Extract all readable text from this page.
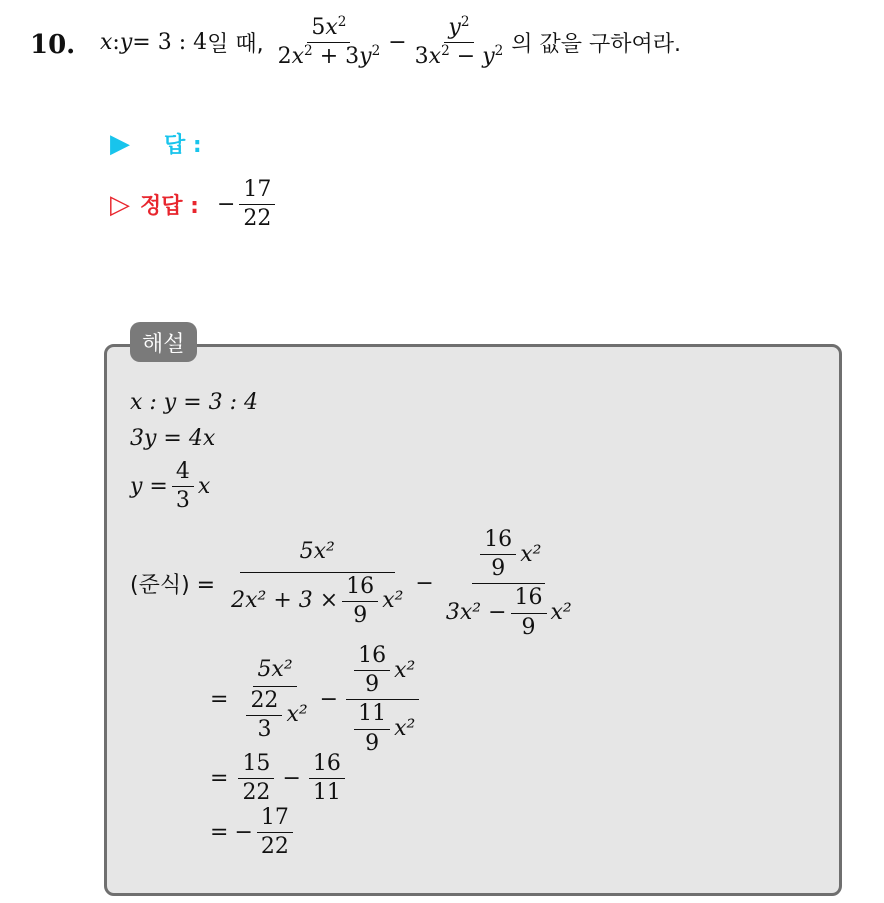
10. x : y = 3 : 4 일 때, $\frac{5x^2}{2x^2 + 3y^2} - \frac{y^2}{3x^2 - y^2}$ 의 값을 구하여라.
▶ 답 :
▷ 정답 : − $\frac{17}{22}$
해설
x : y = 3 : 4
3y = 4x
$y = \frac{4}{3}$ x
(준식) = $\frac{\text{5x²}}{2x^2 + 3 \times \frac{16}{9} x^2} - \frac{\frac{16}{9} x^2}{3x^2 - \frac{16}{9} x^2}$
= $\frac{\text{5x²}}{\frac{22}{3} x^2} - \frac{\frac{16}{9} x^2}{\frac{11}{9} x^2}$
= $\frac{15}{22} - \frac{16}{11}$
= − $\frac{17}{22}$
